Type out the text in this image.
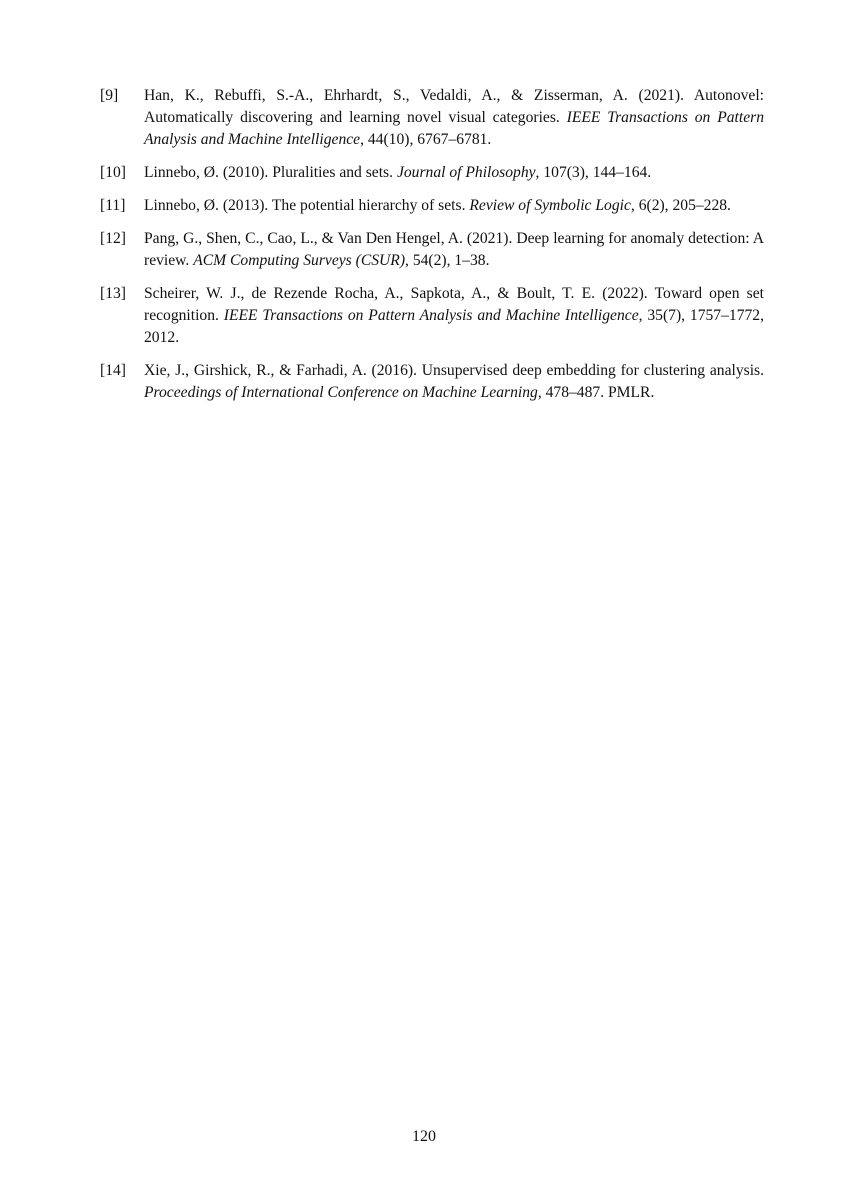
[9]	Han, K., Rebuffi, S.-A., Ehrhardt, S., Vedaldi, A., & Zisserman, A. (2021). Autonovel: Automatically discovering and learning novel visual categories. IEEE Transactions on Pattern Analysis and Machine Intelligence, 44(10), 6767–6781.
[10]	Linnebo, Ø. (2010). Pluralities and sets. Journal of Philosophy, 107(3), 144–164.
[11]	Linnebo, Ø. (2013). The potential hierarchy of sets. Review of Symbolic Logic, 6(2), 205–228.
[12]	Pang, G., Shen, C., Cao, L., & Van Den Hengel, A. (2021). Deep learning for anomaly detection: A review. ACM Computing Surveys (CSUR), 54(2), 1–38.
[13]	Scheirer, W. J., de Rezende Rocha, A., Sapkota, A., & Boult, T. E. (2022). Toward open set recognition. IEEE Transactions on Pattern Analysis and Machine Intelligence, 35(7), 1757–1772, 2012.
[14]	Xie, J., Girshick, R., & Farhadi, A. (2016). Unsupervised deep embedding for clustering analysis. Proceedings of International Conference on Machine Learning, 478–487. PMLR.
120
